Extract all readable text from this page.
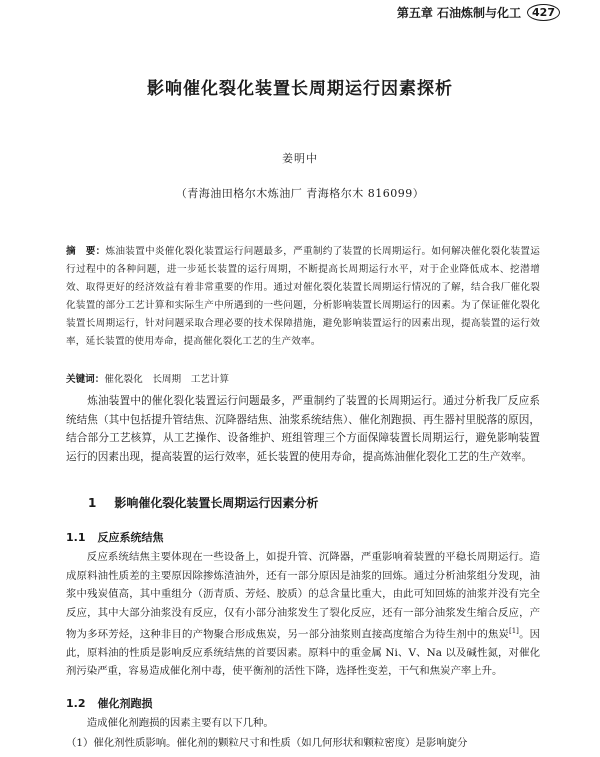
第五章 石油炼制与化工	427
影响催化裂化装置长周期运行因素探析
姜明中
（青海油田格尔木炼油厂 青海格尔木 816099）
摘　要：炼油装置中炎催化裂化装置运行问题最多，严重制约了装置的长周期运行。如何解决催化裂化装置运行过程中的各种问题，进一步延长装置的运行周期，不断提高长周期运行水平，对于企业降低成本、挖潜增效、取得更好的经济效益有着非常重要的作用。通过对催化裂化装置长周期运行情况的了解，结合我厂催化裂化装置的部分工艺计算和实际生产中所遇到的一些问题，分析影响装置长周期运行的因素。为了保证催化裂化装置长周期运行，针对问题采取合理必要的技术保障措施，避免影响装置运行的因素出现，提高装置的运行效率，延长装置的使用寿命，提高催化裂化工艺的生产效率。
关键词：催化裂化　长周期　工艺计算
炼油装置中的催化裂化装置运行问题最多，严重制约了装置的长周期运行。通过分析我厂反应系统结焦（其中包括提升管结焦、沉降器结焦、油浆系统结焦）、催化剂跑损、再生器衬里脱落的原因，结合部分工艺核算，从工艺操作、设备维护、班组管理三个方面保障装置长周期运行，避免影响装置运行的因素出现，提高装置的运行效率，延长装置的使用寿命，提高炼油催化裂化工艺的生产效率。
1 影响催化裂化装置长周期运行因素分析
1.1 反应系统结焦
反应系统结焦主要体现在一些设备上，如提升管、沉降器，严重影响着装置的平稳长周期运行。造成原料油性质差的主要原因除掺炼渣油外，还有一部分原因是油浆的回炼。通过分析油浆组分发现，油浆中残炭值高，其中重组分（沥青质、芳烃、胶质）的总含量比重大，由此可知回炼的油浆并没有完全反应，其中大部分油浆没有反应，仅有小部分油浆发生了裂化反应，还有一部分油浆发生缩合反应，产物为多环芳烃，这种非目的产物聚合形成焦炭，另一部分油浆则直接高度缩合为待生剂中的焦炭[1]。因此，原料油的性质是影响反应系统结焦的首要因素。原料中的重金属 Ni、V、Na 以及碱性氮，对催化剂污染严重，容易造成催化剂中毒，使平衡剂的活性下降，选择性变差，干气和焦炭产率上升。
1.2 催化剂跑损
造成催化剂跑损的因素主要有以下几种。
（1）催化剂性质影响。催化剂的颗粒尺寸和性质（如几何形状和颗粒密度）是影响旋分
